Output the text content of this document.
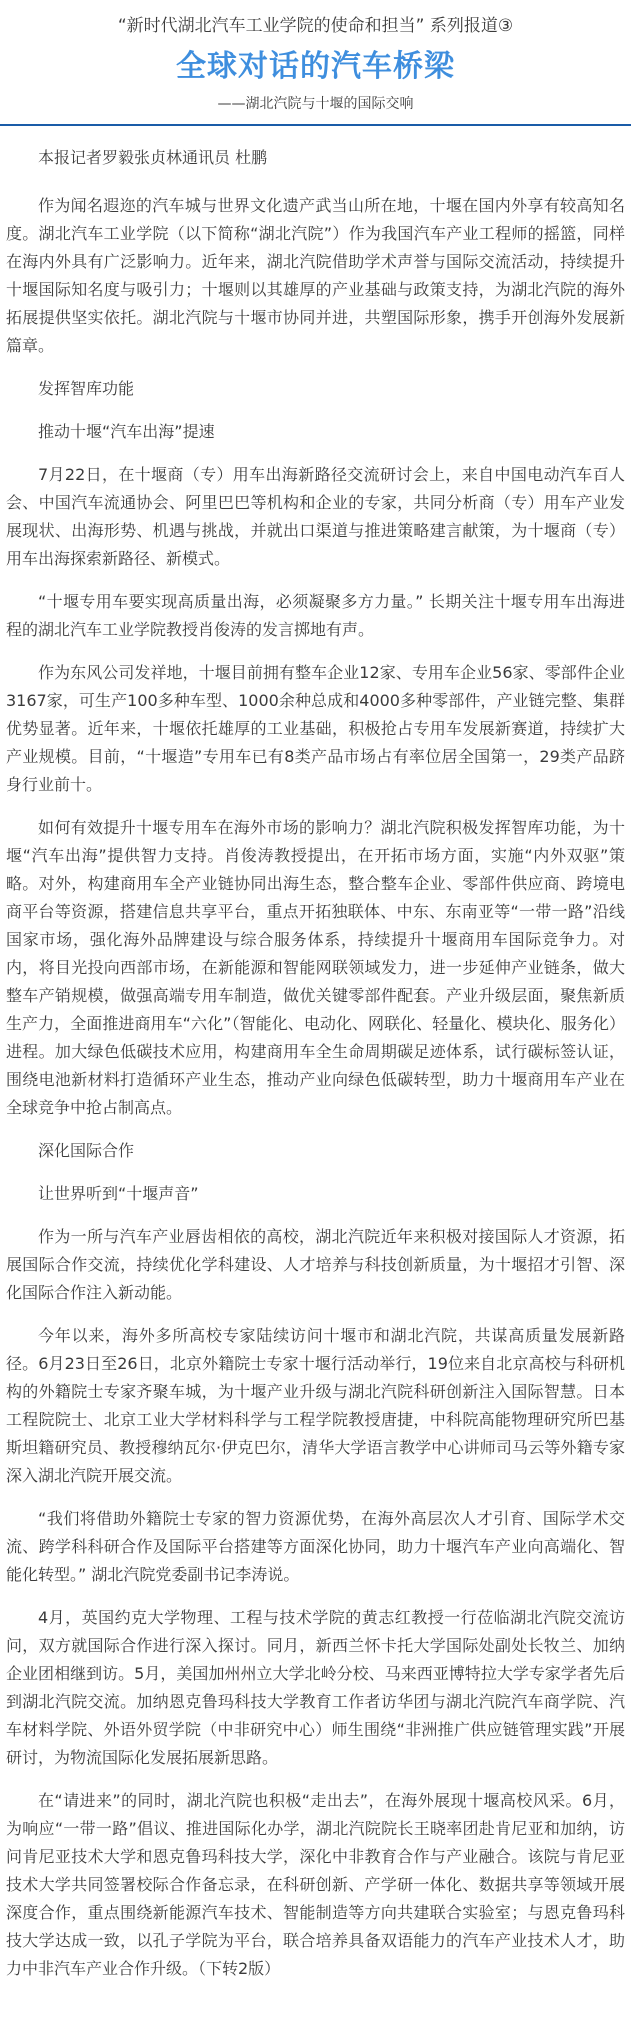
“新时代湖北汽车工业学院的使命和担当” 系列报道③
全球对话的汽车桥梁
——湖北汽院与十堰的国际交响
本报记者罗毅张贞林通讯员 杜鹏

作为闻名遐迩的汽车城与世界文化遗产武当山所在地，十堰在国内外享有较高知名度。湖北汽车工业学院（以下简称“湖北汽院”）作为我国汽车产业工程师的摇篮，同样在海内外具有广泛影响力。近年来，湖北汽院借助学术声誉与国际交流活动，持续提升十堰国际知名度与吸引力；十堰则以其雄厚的产业基础与政策支持，为湖北汽院的海外拓展提供坚实依托。湖北汽院与十堰市协同并进，共塑国际形象，携手开创海外发展新篇章。

发挥智库功能

推动十堰“汽车出海”提速

7月22日，在十堰商（专）用车出海新路径交流研讨会上，来自中国电动汽车百人会、中国汽车流通协会、阿里巴巴等机构和企业的专家，共同分析商（专）用车产业发展现状、出海形势、机遇与挑战，并就出口渠道与推进策略建言献策，为十堰商（专）用车出海探索新路径、新模式。

“十堰专用车要实现高质量出海，必须凝聚多方力量。” 长期关注十堰专用车出海进程的湖北汽车工业学院教授肖俊涛的发言掷地有声。

作为东风公司发祥地，十堰目前拥有整车企业12家、专用车企业56家、零部件企业3167家，可生产100多种车型、1000余种总成和4000多种零部件，产业链完整、集群优势显著。近年来，十堰依托雄厚的工业基础，积极抢占专用车发展新赛道，持续扩大产业规模。目前，“十堰造”专用车已有8类产品市场占有率位居全国第一，29类产品跻身行业前十。

如何有效提升十堰专用车在海外市场的影响力？湖北汽院积极发挥智库功能，为十堰“汽车出海”提供智力支持。肖俊涛教授提出，在开拓市场方面，实施“内外双驱”策略。对外，构建商用车全产业链协同出海生态，整合整车企业、零部件供应商、跨境电商平台等资源，搭建信息共享平台，重点开拓独联体、中东、东南亚等“一带一路”沿线国家市场，强化海外品牌建设与综合服务体系，持续提升十堰商用车国际竞争力。对内，将目光投向西部市场，在新能源和智能网联领域发力，进一步延伸产业链条，做大整车产销规模，做强高端专用车制造，做优关键零部件配套。产业升级层面，聚焦新质生产力，全面推进商用车“六化”（智能化、电动化、网联化、轻量化、模块化、服务化）进程。加大绿色低碳技术应用，构建商用车全生命周期碳足迹体系，试行碳标签认证，围绕电池新材料打造循环产业生态，推动产业向绿色低碳转型，助力十堰商用车产业在全球竞争中抢占制高点。

深化国际合作

让世界听到“十堰声音”

作为一所与汽车产业唇齿相依的高校，湖北汽院近年来积极对接国际人才资源，拓展国际合作交流，持续优化学科建设、人才培养与科技创新质量，为十堰招才引智、深化国际合作注入新动能。

今年以来，海外多所高校专家陆续访问十堰市和湖北汽院，共谋高质量发展新路径。6月23日至26日，北京外籍院士专家十堰行活动举行，19位来自北京高校与科研机构的外籍院士专家齐聚车城，为十堰产业升级与湖北汽院科研创新注入国际智慧。日本工程院院士、北京工业大学材料科学与工程学院教授唐捷，中科院高能物理研究所巴基斯坦籍研究员、教授穆纳瓦尔·伊克巴尔，清华大学语言教学中心讲师司马云等外籍专家深入湖北汽院开展交流。

“我们将借助外籍院士专家的智力资源优势，在海外高层次人才引育、国际学术交流、跨学科科研合作及国际平台搭建等方面深化协同，助力十堰汽车产业向高端化、智能化转型。” 湖北汽院党委副书记李涛说。

4月，英国约克大学物理、工程与技术学院的黄志红教授一行莅临湖北汽院交流访问，双方就国际合作进行深入探讨。同月，新西兰怀卡托大学国际处副处长牧兰、加纳企业团相继到访。5月，美国加州州立大学北岭分校、马来西亚博特拉大学专家学者先后到湖北汽院交流。加纳恩克鲁玛科技大学教育工作者访华团与湖北汽院汽车商学院、汽车材料学院、外语外贸学院（中非研究中心）师生围绕“非洲推广供应链管理实践”开展研讨，为物流国际化发展拓展新思路。

在“请进来”的同时，湖北汽院也积极“走出去”，在海外展现十堰高校风采。6月，为响应“一带一路”倡议、推进国际化办学，湖北汽院院长王晓率团赴肯尼亚和加纳，访问肯尼亚技术大学和恩克鲁玛科技大学，深化中非教育合作与产业融合。该院与肯尼亚技术大学共同签署校际合作备忘录，在科研创新、产学研一体化、数据共享等领域开展深度合作，重点围绕新能源汽车技术、智能制造等方向共建联合实验室；与恩克鲁玛科技大学达成一致，以孔子学院为平台，联合培养具备双语能力的汽车产业技术人才，助力中非汽车产业合作升级。（下转2版）
